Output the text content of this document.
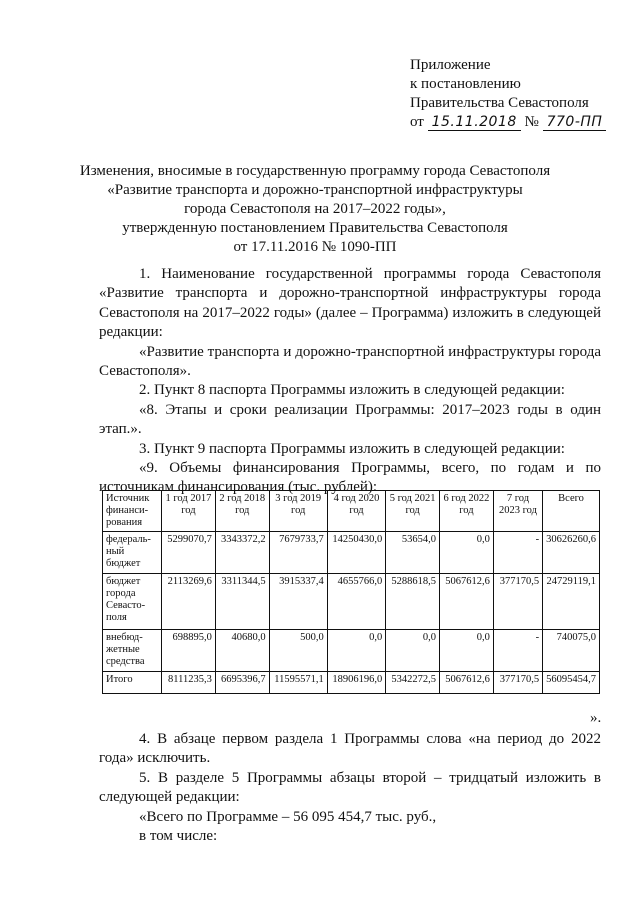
Приложение
к постановлению
Правительства Севастополя
от 15.11.2018 № 770-ПП
Изменения, вносимые в государственную программу города Севастополя
«Развитие транспорта и дорожно-транспортной инфраструктуры
города Севастополя на 2017–2022 годы»,
утвержденную постановлением Правительства Севастополя
от 17.11.2016 № 1090-ПП

1. Наименование государственной программы города Севастополя «Развитие транспорта и дорожно-транспортной инфраструктуры города Севастополя на 2017–2022 годы» (далее – Программа) изложить в следующей редакции:

«Развитие транспорта и дорожно-транспортной инфраструктуры города Севастополя».

2. Пункт 8 паспорта Программы изложить в следующей редакции:

«8. Этапы и сроки реализации Программы: 2017–2023 годы в один этап.».

3. Пункт 9 паспорта Программы изложить в следующей редакции:

«9. Объемы финансирования Программы, всего, по годам и по источникам финансирования (тыс. рублей):

Источник финанси-рования	1 год 2017 год	2 год 2018 год	3 год 2019 год	4 год 2020 год	5 год 2021 год	6 год 2022 год	7 год 2023 год	Всего
федераль-ный бюджет	5299070,7	3343372,2	7679733,7	14250430,0	53654,0	0,0	-	30626260,6
бюджет города Севасто-поля	2113269,6	3311344,5	3915337,4	4655766,0	5288618,5	5067612,6	377170,5	24729119,1
внебюд-жетные средства	698895,0	40680,0	500,0	0,0	0,0	0,0	-	740075,0
Итого	8111235,3	6695396,7	11595571,1	18906196,0	5342272,5	5067612,6	377170,5	56095454,7
».

4. В абзаце первом раздела 1 Программы слова «на период до 2022 года» исключить.

5. В разделе 5 Программы абзацы второй – тридцатый изложить в следующей редакции:

«Всего по Программе – 56 095 454,7 тыс. руб.,

в том числе:
